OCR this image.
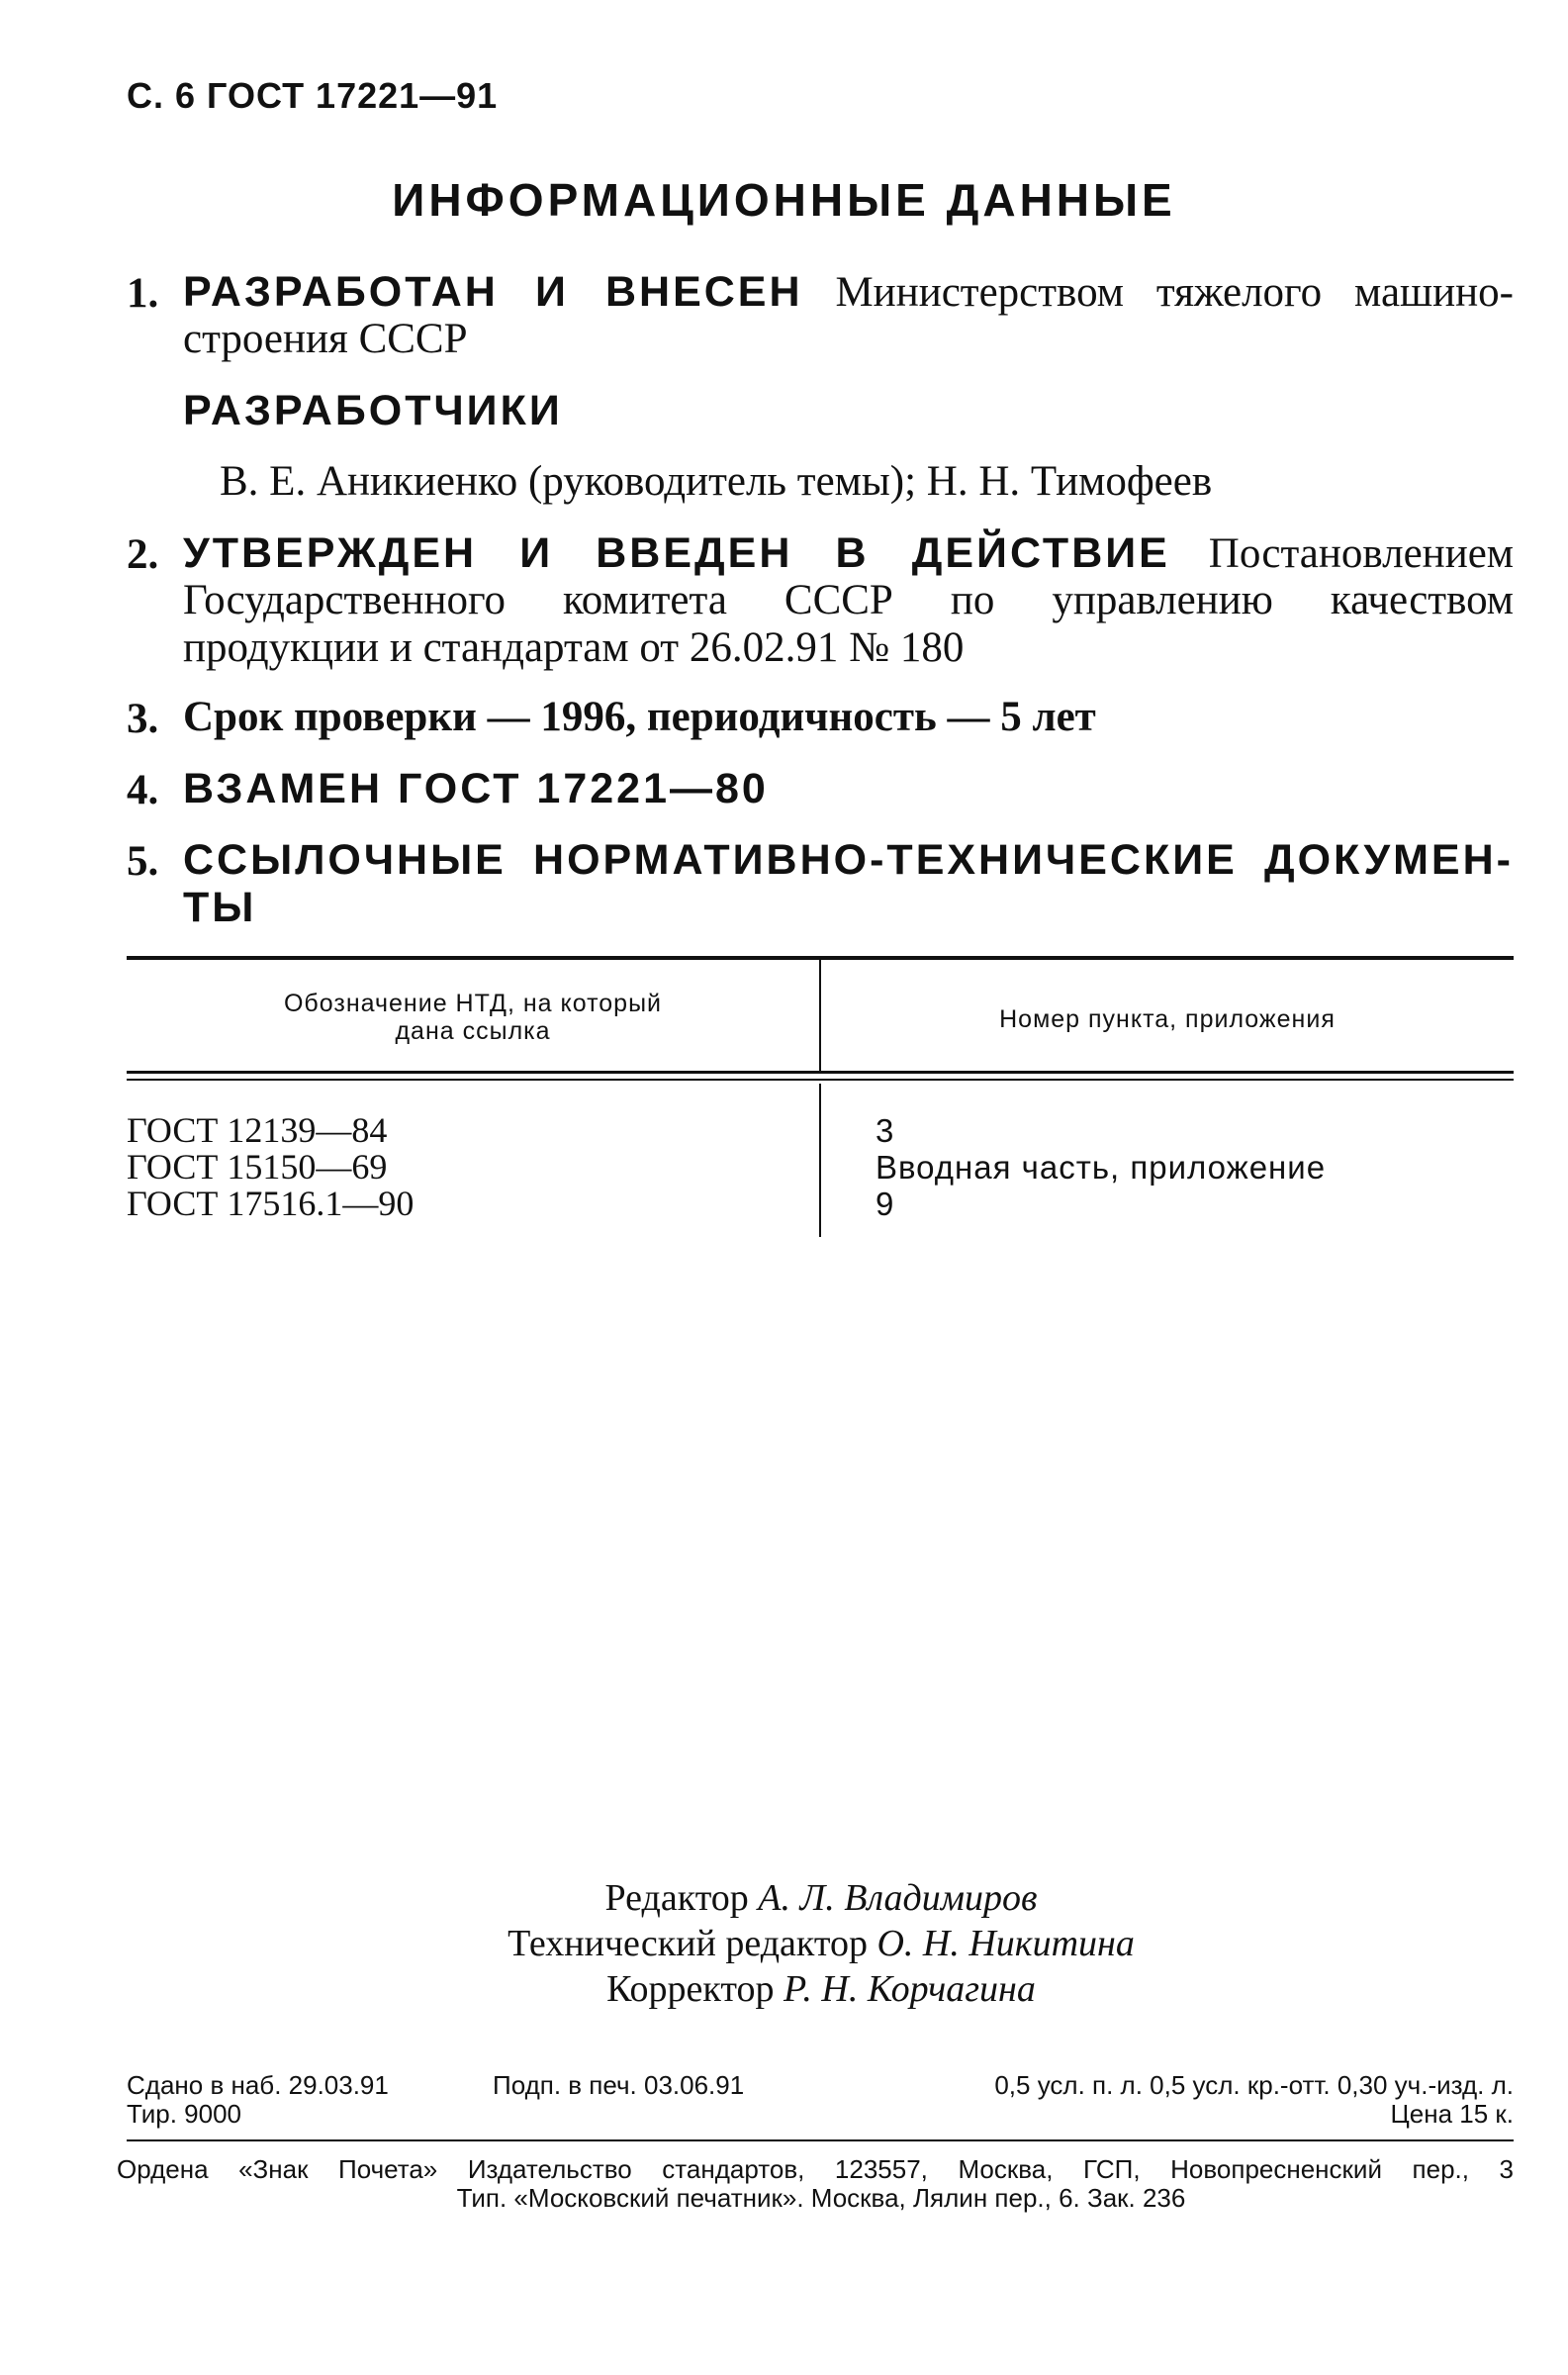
С. 6 ГОСТ 17221—91
ИНФОРМАЦИОННЫЕ ДАННЫЕ
1. РАЗРАБОТАН И ВНЕСЕН Министерством тяжелого машино-
строения СССР
РАЗРАБОТЧИКИ
В. Е. Аникиенко (руководитель темы); Н. Н. Тимофеев
2. УТВЕРЖДЕН И ВВЕДЕН В ДЕЙСТВИЕ Постановлением
Государственного комитета СССР по управлению качеством
продукции и стандартам от 26.02.91 № 180
3. Срок проверки — 1996, периодичность — 5 лет
4. ВЗАМЕН ГОСТ 17221—80
5. ССЫЛОЧНЫЕ НОРМАТИВНО-ТЕХНИЧЕСКИЕ ДОКУМЕН-
ТЫ
Обозначение НТД, на который
дана ссылка	Номер пункта, приложения
ГОСТ 12139—84	3
ГОСТ 15150—69	Вводная часть, приложение
ГОСТ 17516.1—90	9
Редактор А. Л. Владимиров
Технический редактор О. Н. Никитина
Корректор Р. Н. Корчагина
Сдано в наб. 29.03.91	Подп. в печ. 03.06.91	0,5 усл. п. л. 0,5 усл. кр.-отт. 0,30 уч.-изд. л.
Тир. 9000	Цена 15 к.
Ордена «Знак Почета» Издательство стандартов, 123557, Москва, ГСП, Новопресненский пер., 3
Тип. «Московский печатник». Москва, Лялин пер., 6. Зак. 236
